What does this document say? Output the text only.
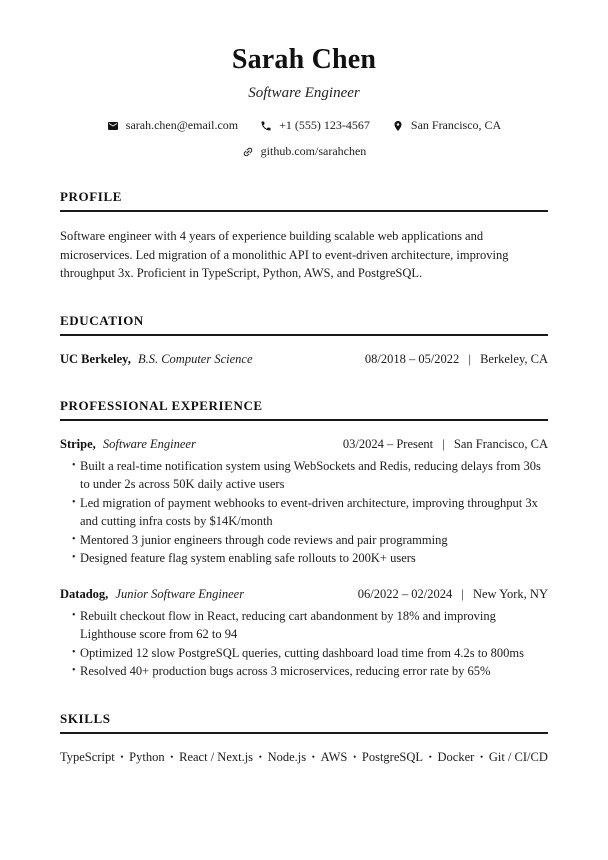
Sarah Chen
Software Engineer
sarah.chen@email.com	+1 (555) 123-4567	San Francisco, CA
github.com/sarahchen
PROFILE
Software engineer with 4 years of experience building scalable web applications and microservices. Led migration of a monolithic API to event-driven architecture, improving throughput 3x. Proficient in TypeScript, Python, AWS, and PostgreSQL.
EDUCATION
UC Berkeley, B.S. Computer Science	08/2018 – 05/2022 | Berkeley, CA
PROFESSIONAL EXPERIENCE
Stripe, Software Engineer	03/2024 – Present | San Francisco, CA
• Built a real-time notification system using WebSockets and Redis, reducing delays from 30s to under 2s across 50K daily active users
• Led migration of payment webhooks to event-driven architecture, improving throughput 3x and cutting infra costs by $14K/month
• Mentored 3 junior engineers through code reviews and pair programming
• Designed feature flag system enabling safe rollouts to 200K+ users
Datadog, Junior Software Engineer	06/2022 – 02/2024 | New York, NY
• Rebuilt checkout flow in React, reducing cart abandonment by 18% and improving Lighthouse score from 62 to 94
• Optimized 12 slow PostgreSQL queries, cutting dashboard load time from 4.2s to 800ms
• Resolved 40+ production bugs across 3 microservices, reducing error rate by 65%
SKILLS
TypeScript • Python • React / Next.js • Node.js • AWS • PostgreSQL • Docker • Git / CI/CD
